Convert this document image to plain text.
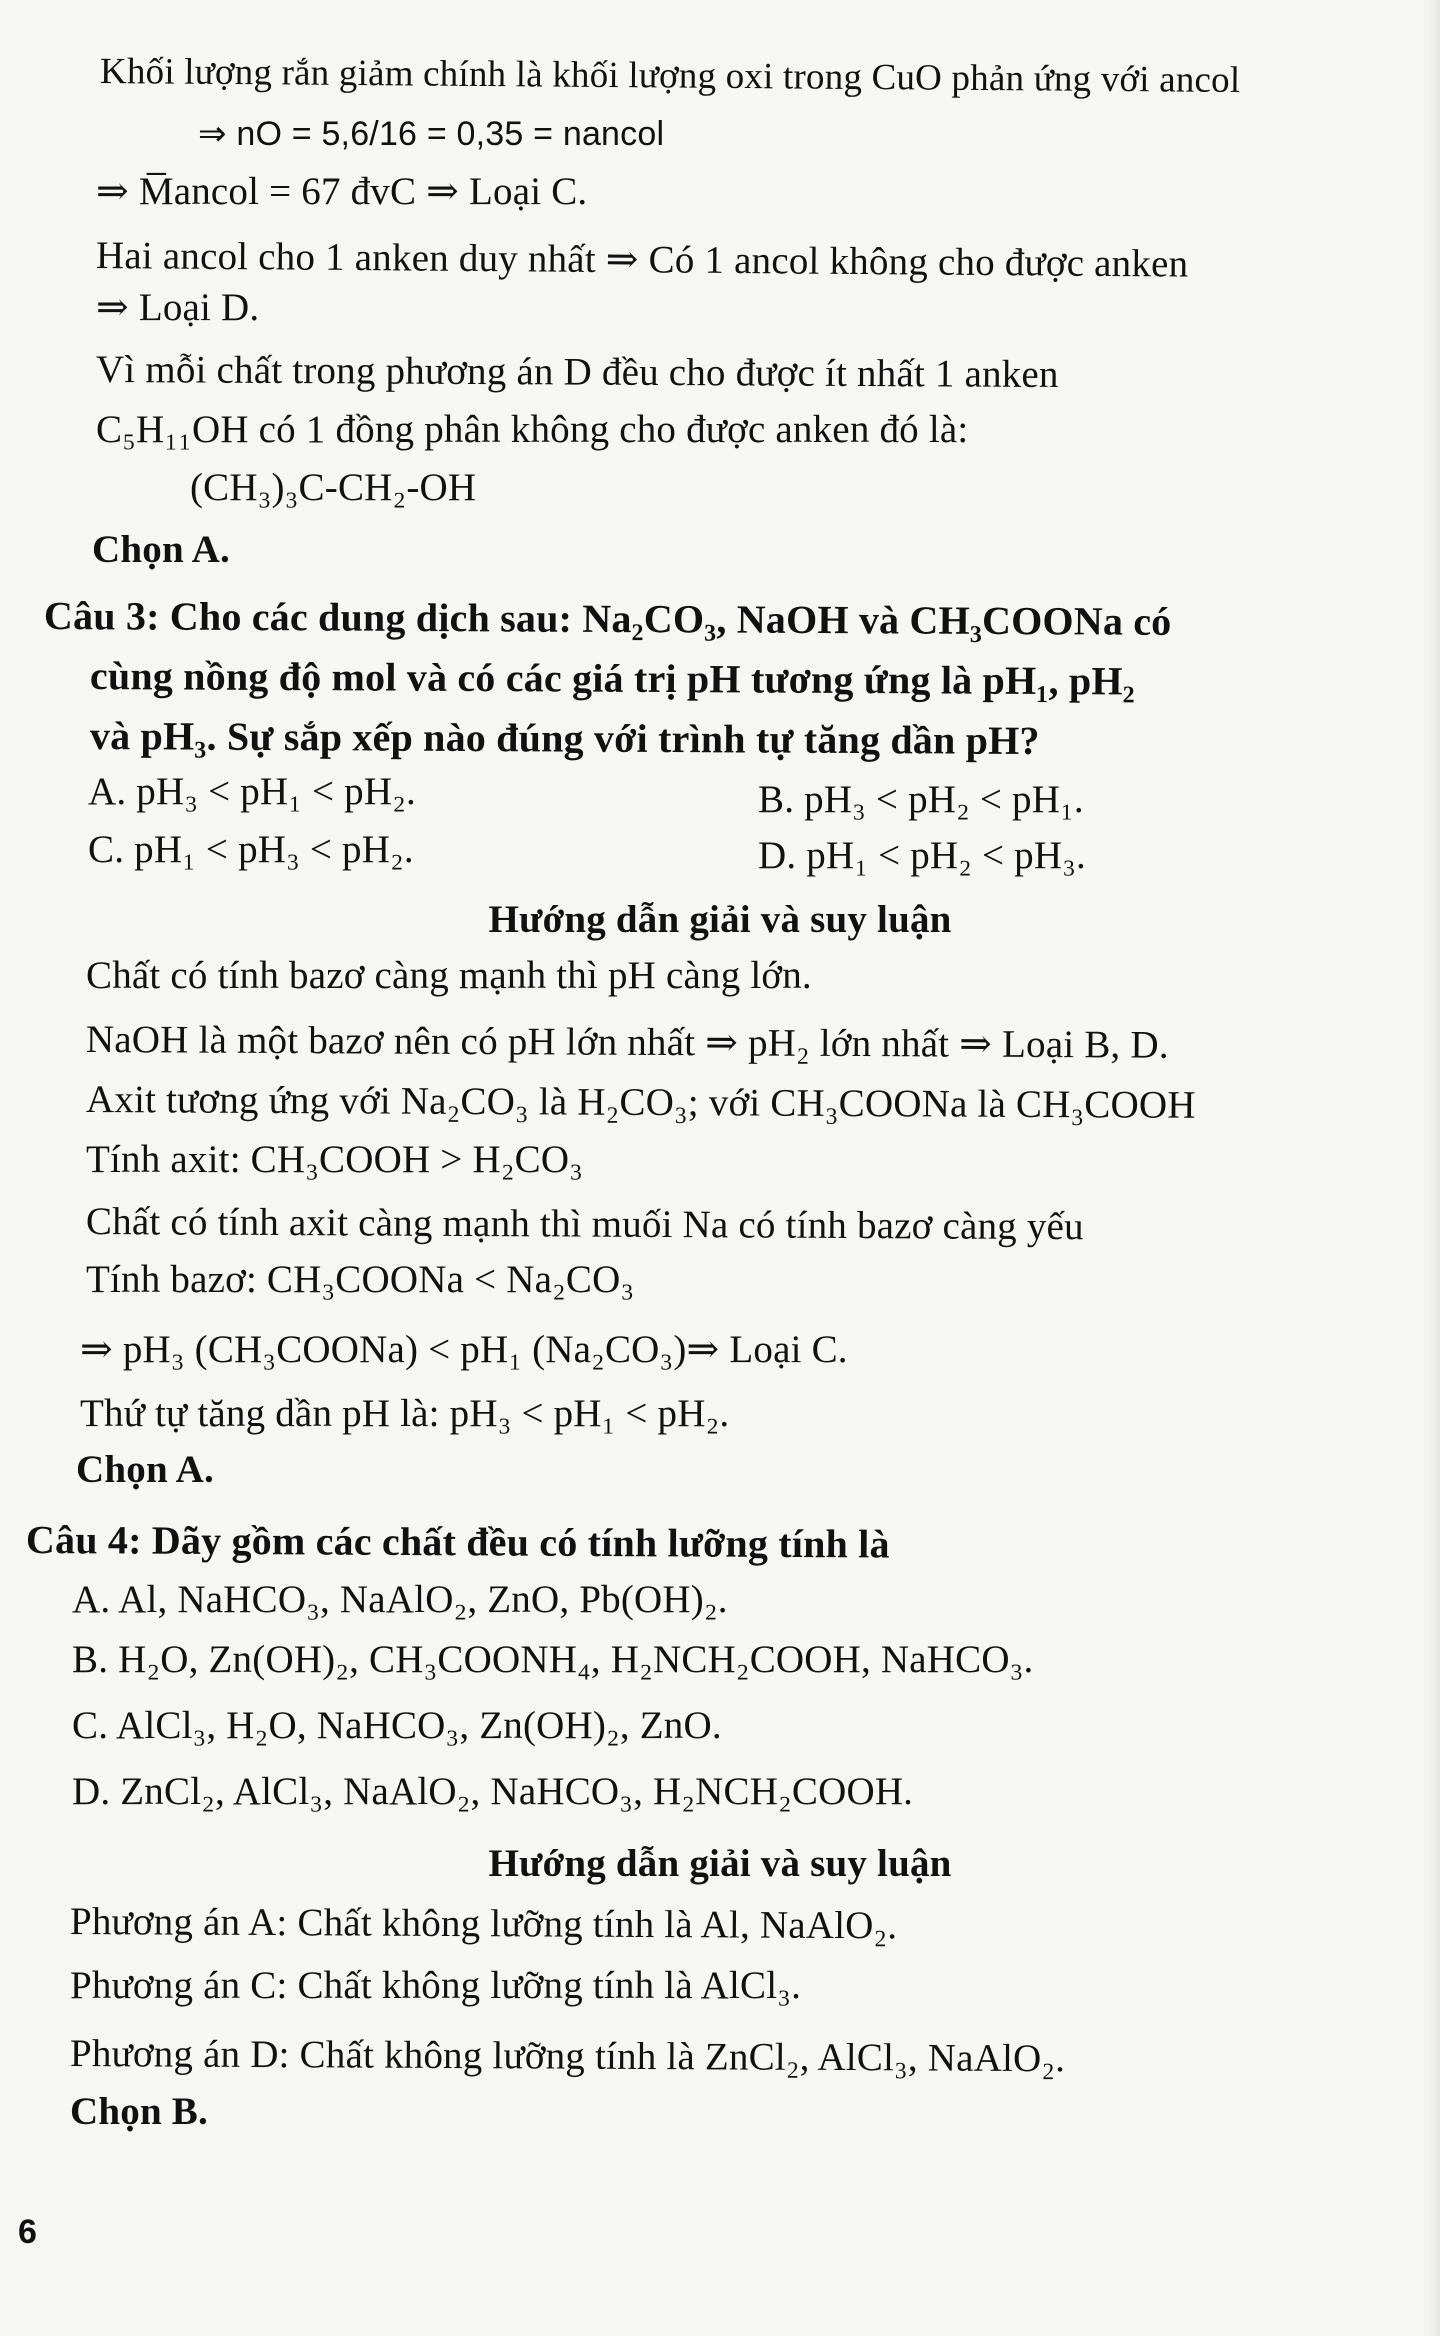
Khối lượng rắn giảm chính là khối lượng oxi trong CuO phản ứng với ancol
⇒ nO = 5,6/16 = 0,35 = nancol
⇒ M̅ancol = 67 đvC ⇒ Loại C.
Hai ancol cho 1 anken duy nhất ⇒ Có 1 ancol không cho được anken
⇒ Loại D.
Vì mỗi chất trong phương án D đều cho được ít nhất 1 anken
C₅H₁₁OH có 1 đồng phân không cho được anken đó là:
(CH₃)₃C-CH₂-OH
Chọn A.
Câu 3: Cho các dung dịch sau: Na₂CO₃, NaOH và CH₃COONa có
cùng nồng độ mol và có các giá trị pH tương ứng là pH₁, pH₂
và pH₃. Sự sắp xếp nào đúng với trình tự tăng dần pH?
A. pH₃ < pH₁ < pH₂.	B. pH₃ < pH₂ < pH₁.
C. pH₁ < pH₃ < pH₂.	D. pH₁ < pH₂ < pH₃.
Hướng dẫn giải và suy luận
Chất có tính bazơ càng mạnh thì pH càng lớn.
NaOH là một bazơ nên có pH lớn nhất ⇒ pH₂ lớn nhất ⇒ Loại B, D.
Axit tương ứng với Na₂CO₃ là H₂CO₃; với CH₃COONa là CH₃COOH
Tính axit: CH₃COOH > H₂CO₃
Chất có tính axit càng mạnh thì muối Na có tính bazơ càng yếu
Tính bazơ: CH₃COONa < Na₂CO₃
⇒ pH₃ (CH₃COONa) < pH₁ (Na₂CO₃)⇒ Loại C.
Thứ tự tăng dần pH là: pH₃ < pH₁ < pH₂.
Chọn A.
Câu 4: Dãy gồm các chất đều có tính lưỡng tính là
A. Al, NaHCO₃, NaAlO₂, ZnO, Pb(OH)₂.
B. H₂O, Zn(OH)₂, CH₃COONH₄, H₂NCH₂COOH, NaHCO₃.
C. AlCl₃, H₂O, NaHCO₃, Zn(OH)₂, ZnO.
D. ZnCl₂, AlCl₃, NaAlO₂, NaHCO₃, H₂NCH₂COOH.
Hướng dẫn giải và suy luận
Phương án A: Chất không lưỡng tính là Al, NaAlO₂.
Phương án C: Chất không lưỡng tính là AlCl₃.
Phương án D: Chất không lưỡng tính là ZnCl₂, AlCl₃, NaAlO₂.
Chọn B.
6
